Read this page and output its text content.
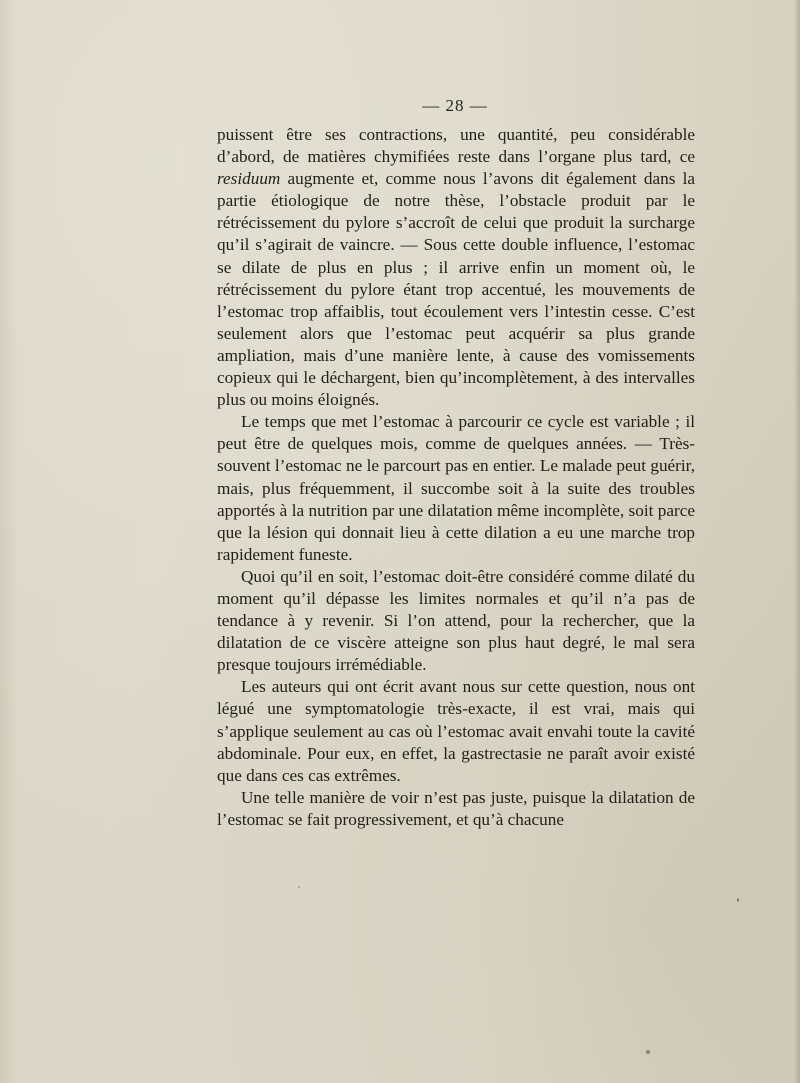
— 28 —

puissent être ses contractions, une quantité, peu considérable d’abord, de matières chymifiées reste dans l’organe plus tard, ce residuum augmente et, comme nous l’avons dit également dans la partie étiologique de notre thèse, l’obstacle produit par le rétrécissement du pylore s’accroît de celui que produit la surcharge qu’il s’agirait de vaincre. — Sous cette double influence, l’estomac se dilate de plus en plus ; il arrive enfin un moment où, le rétrécissement du pylore étant trop accentué, les mouvements de l’estomac trop affaiblis, tout écoulement vers l’intestin cesse. C’est seulement alors que l’estomac peut acquérir sa plus grande ampliation, mais d’une manière lente, à cause des vomissements copieux qui le déchargent, bien qu’incomplètement, à des intervalles plus ou moins éloignés.

Le temps que met l’estomac à parcourir ce cycle est variable ; il peut être de quelques mois, comme de quelques années. — Très-souvent l’estomac ne le parcourt pas en entier. Le malade peut guérir, mais, plus fréquemment, il succombe soit à la suite des troubles apportés à la nutrition par une dilatation même incomplète, soit parce que la lésion qui donnait lieu à cette dilation a eu une marche trop rapidement funeste.

Quoi qu’il en soit, l’estomac doit-être considéré comme dilaté du moment qu’il dépasse les limites normales et qu’il n’a pas de tendance à y revenir. Si l’on attend, pour la rechercher, que la dilatation de ce viscère atteigne son plus haut degré, le mal sera presque toujours irrémédiable.

Les auteurs qui ont écrit avant nous sur cette question, nous ont légué une symptomatologie très-exacte, il est vrai, mais qui s’applique seulement au cas où l’estomac avait envahi toute la cavité abdominale. Pour eux, en effet, la gastrectasie ne paraît avoir existé que dans ces cas extrêmes.

Une telle manière de voir n’est pas juste, puisque la dilatation de l’estomac se fait progressivement, et qu’à chacune
